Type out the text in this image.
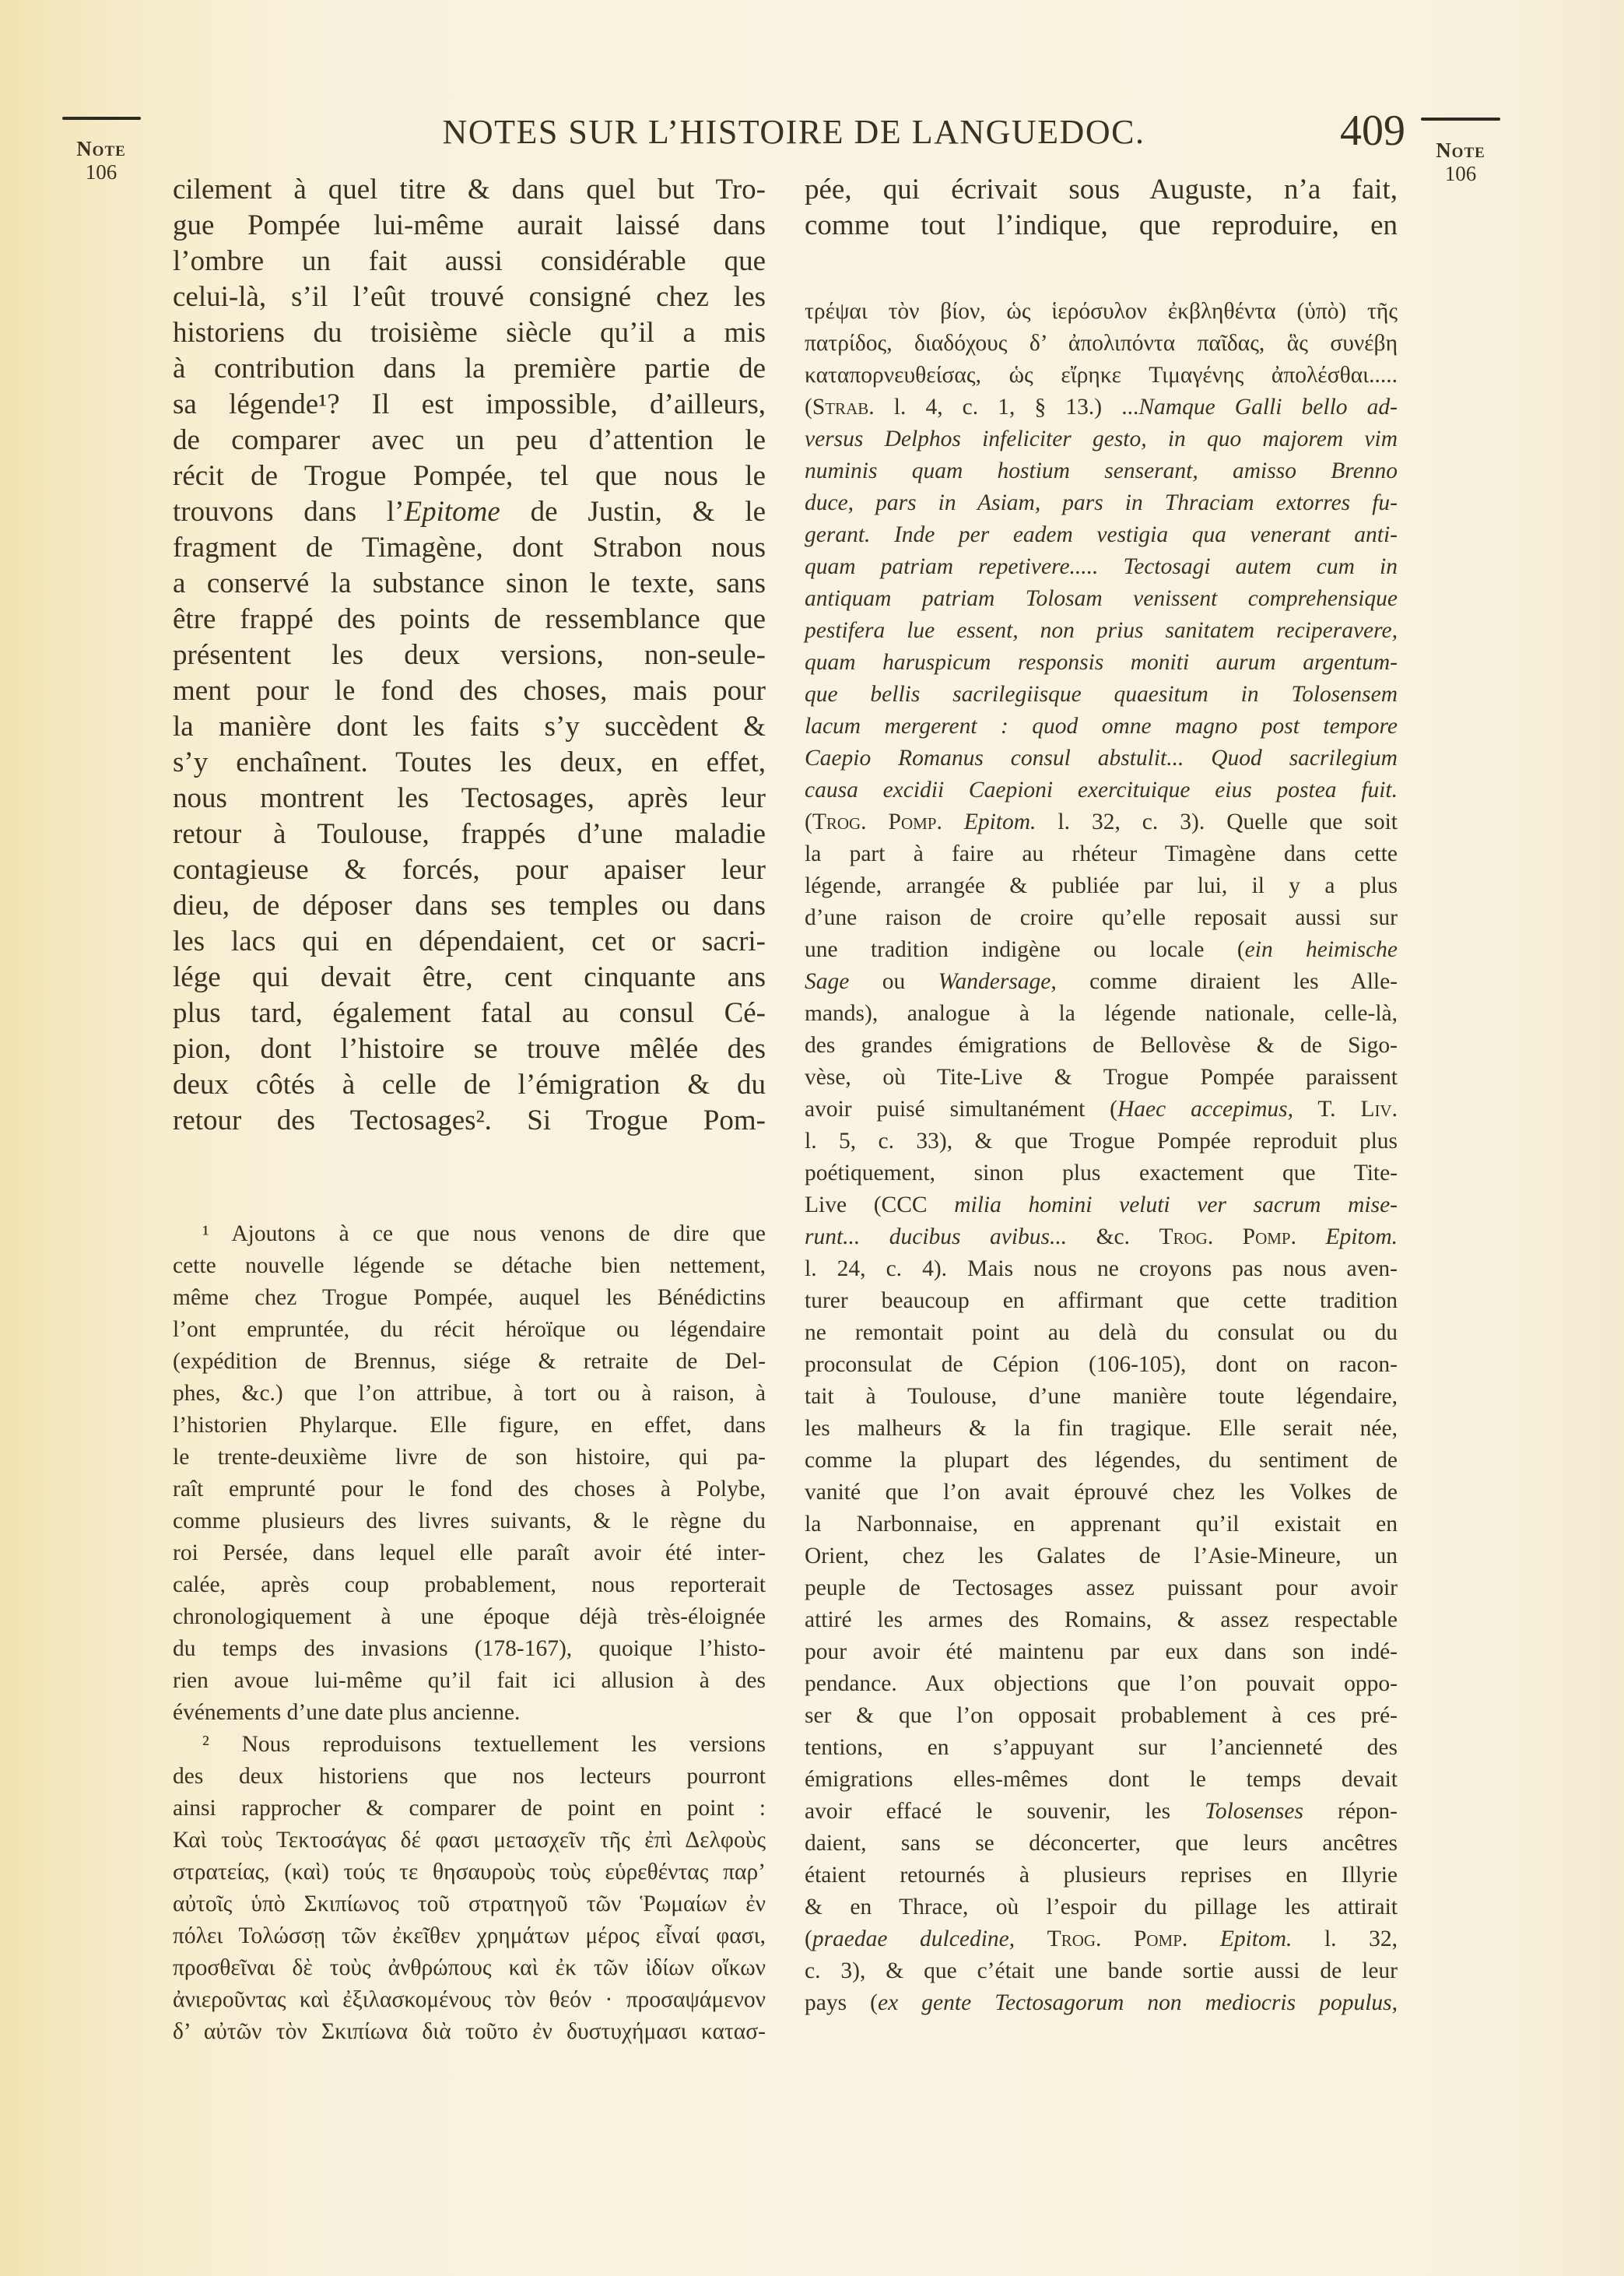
Note
106
Note
106
NOTES SUR L’HISTOIRE DE LANGUEDOC.	409
cilement à quel titre & dans quel but Tro-
gue Pompée lui-même aurait laissé dans
l’ombre un fait aussi considérable que
celui-là, s’il l’eût trouvé consigné chez les
historiens du troisième siècle qu’il a mis
à contribution dans la première partie de
sa légende¹? Il est impossible, d’ailleurs,
de comparer avec un peu d’attention le
récit de Trogue Pompée, tel que nous le
trouvons dans l’Epitome de Justin, & le
fragment de Timagène, dont Strabon nous
a conservé la substance sinon le texte, sans
être frappé des points de ressemblance que
présentent les deux versions, non-seule-
ment pour le fond des choses, mais pour
la manière dont les faits s’y succèdent &
s’y enchaînent. Toutes les deux, en effet,
nous montrent les Tectosages, après leur
retour à Toulouse, frappés d’une maladie
contagieuse & forcés, pour apaiser leur
dieu, de déposer dans ses temples ou dans
les lacs qui en dépendaient, cet or sacri-
lége qui devait être, cent cinquante ans
plus tard, également fatal au consul Cé-
pion, dont l’histoire se trouve mêlée des
deux côtés à celle de l’émigration & du
retour des Tectosages². Si Trogue Pom-
¹ Ajoutons à ce que nous venons de dire que
cette nouvelle légende se détache bien nettement,
même chez Trogue Pompée, auquel les Bénédictins
l’ont empruntée, du récit héroïque ou légendaire
(expédition de Brennus, siége & retraite de Del-
phes, &c.) que l’on attribue, à tort ou à raison, à
l’historien Phylarque. Elle figure, en effet, dans
le trente-deuxième livre de son histoire, qui pa-
raît emprunté pour le fond des choses à Polybe,
comme plusieurs des livres suivants, & le règne du
roi Persée, dans lequel elle paraît avoir été inter-
calée, après coup probablement, nous reporterait
chronologiquement à une époque déjà très-éloignée
du temps des invasions (178-167), quoique l’histo-
rien avoue lui-même qu’il fait ici allusion à des
événements d’une date plus ancienne.
² Nous reproduisons textuellement les versions
des deux historiens que nos lecteurs pourront
ainsi rapprocher & comparer de point en point :
Καὶ τοὺς Τεκτοσάγας δέ φασι μετασχεῖν τῆς ἐπὶ Δελφοὺς
στρατείας, (καὶ) τούς τε θησαυροὺς τοὺς εὑρεθέντας παρ’
αὐτοῖς ὑπὸ Σκιπίωνος τοῦ στρατηγοῦ τῶν Ῥωμαίων ἐν
πόλει Τολώσσῃ τῶν ἐκεῖθεν χρημάτων μέρος εἶναί φασι,
προσθεῖναι δὲ τοὺς ἀνθρώπους καὶ ἐκ τῶν ἰδίων οἴκων
ἀνιεροῦντας καὶ ἐξιλασκομένους τὸν θεόν · προσαψάμενον
δ’ αὐτῶν τὸν Σκιπίωνα διὰ τοῦτο ἐν δυστυχήμασι κατασ-
pée, qui écrivait sous Auguste, n’a fait,
comme tout l’indique, que reproduire, en
τρέψαι τὸν βίον, ὡς ἱερόσυλον ἐκβληθέντα (ὑπὸ) τῆς
πατρίδος, διαδόχους δ’ ἀπολιπόντα παῖδας, ἃς συνέβη
καταπορνευθείσας, ὡς εἴρηκε Τιμαγένης ἀπολέσθαι.....
(Strab. l. 4, c. 1, § 13.) ...Namque Galli bello ad-
versus Delphos infeliciter gesto, in quo majorem vim
numinis quam hostium senserant, amisso Brenno
duce, pars in Asiam, pars in Thraciam extorres fu-
gerant. Inde per eadem vestigia qua venerant anti-
quam patriam repetivere..... Tectosagi autem cum in
antiquam patriam Tolosam venissent comprehensique
pestifera lue essent, non prius sanitatem reciperavere,
quam haruspicum responsis moniti aurum argentum-
que bellis sacrilegiisque quaesitum in Tolosensem
lacum mergerent : quod omne magno post tempore
Caepio Romanus consul abstulit... Quod sacrilegium
causa excidii Caepioni exercituique eius postea fuit.
(Trog. Pomp. Epitom. l. 32, c. 3). Quelle que soit
la part à faire au rhéteur Timagène dans cette
légende, arrangée & publiée par lui, il y a plus
d’une raison de croire qu’elle reposait aussi sur
une tradition indigène ou locale (ein heimische
Sage ou Wandersage, comme diraient les Alle-
mands), analogue à la légende nationale, celle-là,
des grandes émigrations de Bellovèse & de Sigo-
vèse, où Tite-Live & Trogue Pompée paraissent
avoir puisé simultanément (Haec accepimus, T. Liv.
l. 5, c. 33), & que Trogue Pompée reproduit plus
poétiquement, sinon plus exactement que Tite-
Live (CCC milia homini veluti ver sacrum mise-
runt... ducibus avibus... &c. Trog. Pomp. Epitom.
l. 24, c. 4). Mais nous ne croyons pas nous aven-
turer beaucoup en affirmant que cette tradition
ne remontait point au delà du consulat ou du
proconsulat de Cépion (106-105), dont on racon-
tait à Toulouse, d’une manière toute légendaire,
les malheurs & la fin tragique. Elle serait née,
comme la plupart des légendes, du sentiment de
vanité que l’on avait éprouvé chez les Volkes de
la Narbonnaise, en apprenant qu’il existait en
Orient, chez les Galates de l’Asie-Mineure, un
peuple de Tectosages assez puissant pour avoir
attiré les armes des Romains, & assez respectable
pour avoir été maintenu par eux dans son indé-
pendance. Aux objections que l’on pouvait oppo-
ser & que l’on opposait probablement à ces pré-
tentions, en s’appuyant sur l’ancienneté des
émigrations elles-mêmes dont le temps devait
avoir effacé le souvenir, les Tolosenses répon-
daient, sans se déconcerter, que leurs ancêtres
étaient retournés à plusieurs reprises en Illyrie
& en Thrace, où l’espoir du pillage les attirait
(praedae dulcedine, Trog. Pomp. Epitom. l. 32,
c. 3), & que c’était une bande sortie aussi de leur
pays (ex gente Tectosagorum non mediocris populus,
